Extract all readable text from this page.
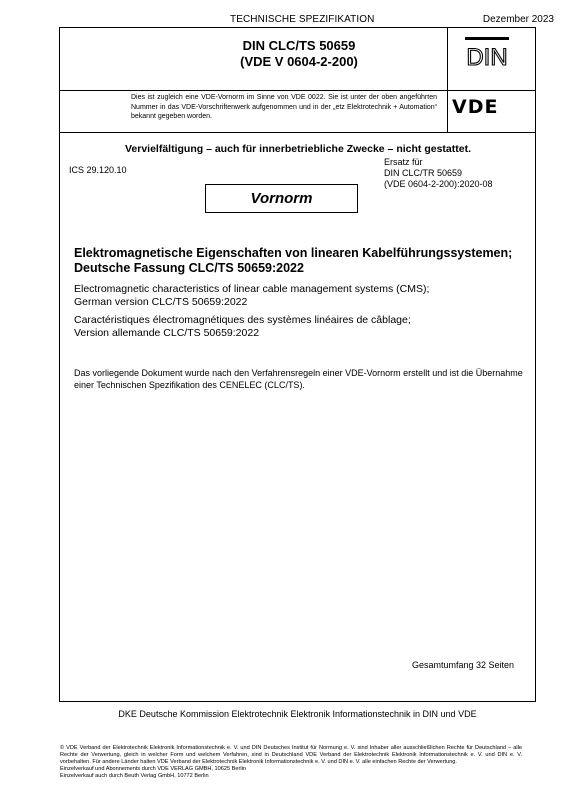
TECHNISCHE SPEZIFIKATION	Dezember 2023
DIN CLC/TS 50659
(VDE V 0604-2-200)	DIN
Dies ist zugleich eine VDE-Vornorm im Sinne von VDE 0022. Sie ist unter der oben angeführten Nummer in das VDE-Vorschriftenwerk aufgenommen und in der „etz Elektrotechnik + Automation“ bekannt gegeben worden.	VDE
Vervielfältigung – auch für innerbetriebliche Zwecke – nicht gestattet.
ICS 29.120.10
Ersatz für
DIN CLC/TR 50659
(VDE 0604-2-200):2020-08
Vornorm
Elektromagnetische Eigenschaften von linearen Kabelführungssystemen;
Deutsche Fassung CLC/TS 50659:2022
Electromagnetic characteristics of linear cable management systems (CMS);
German version CLC/TS 50659:2022
Caractéristiques électromagnétiques des systèmes linéaires de câblage;
Version allemande CLC/TS 50659:2022
Das vorliegende Dokument wurde nach den Verfahrensregeln einer VDE-Vornorm erstellt und ist die Übernahme einer Technischen Spezifikation des CENELEC (CLC/TS).
Gesamtumfang 32 Seiten
DKE Deutsche Kommission Elektrotechnik Elektronik Informationstechnik in DIN und VDE

© VDE Verband der Elektrotechnik Elektronik Informationstechnik e. V. und DIN Deutsches Institut für Normung e. V. sind Inhaber aller ausschließlichen Rechte für Deutschland – alle Rechte der Verwertung, gleich in welcher Form und welchem Verfahren, sind in Deutschland VDE Verband der Elektrotechnik Elektronik Informationstechnik e. V. und DIN e. V. vorbehalten. Für andere Länder halten VDE Verband der Elektrotechnik Elektronik Informationstechnik e. V. und DIN e. V. alle einfachen Rechte der Verwertung.

Einzelverkauf und Abonnements durch VDE VERLAG GMBH, 10625 Berlin

Einzelverkauf auch durch Beuth Verlag GmbH, 10772 Berlin
